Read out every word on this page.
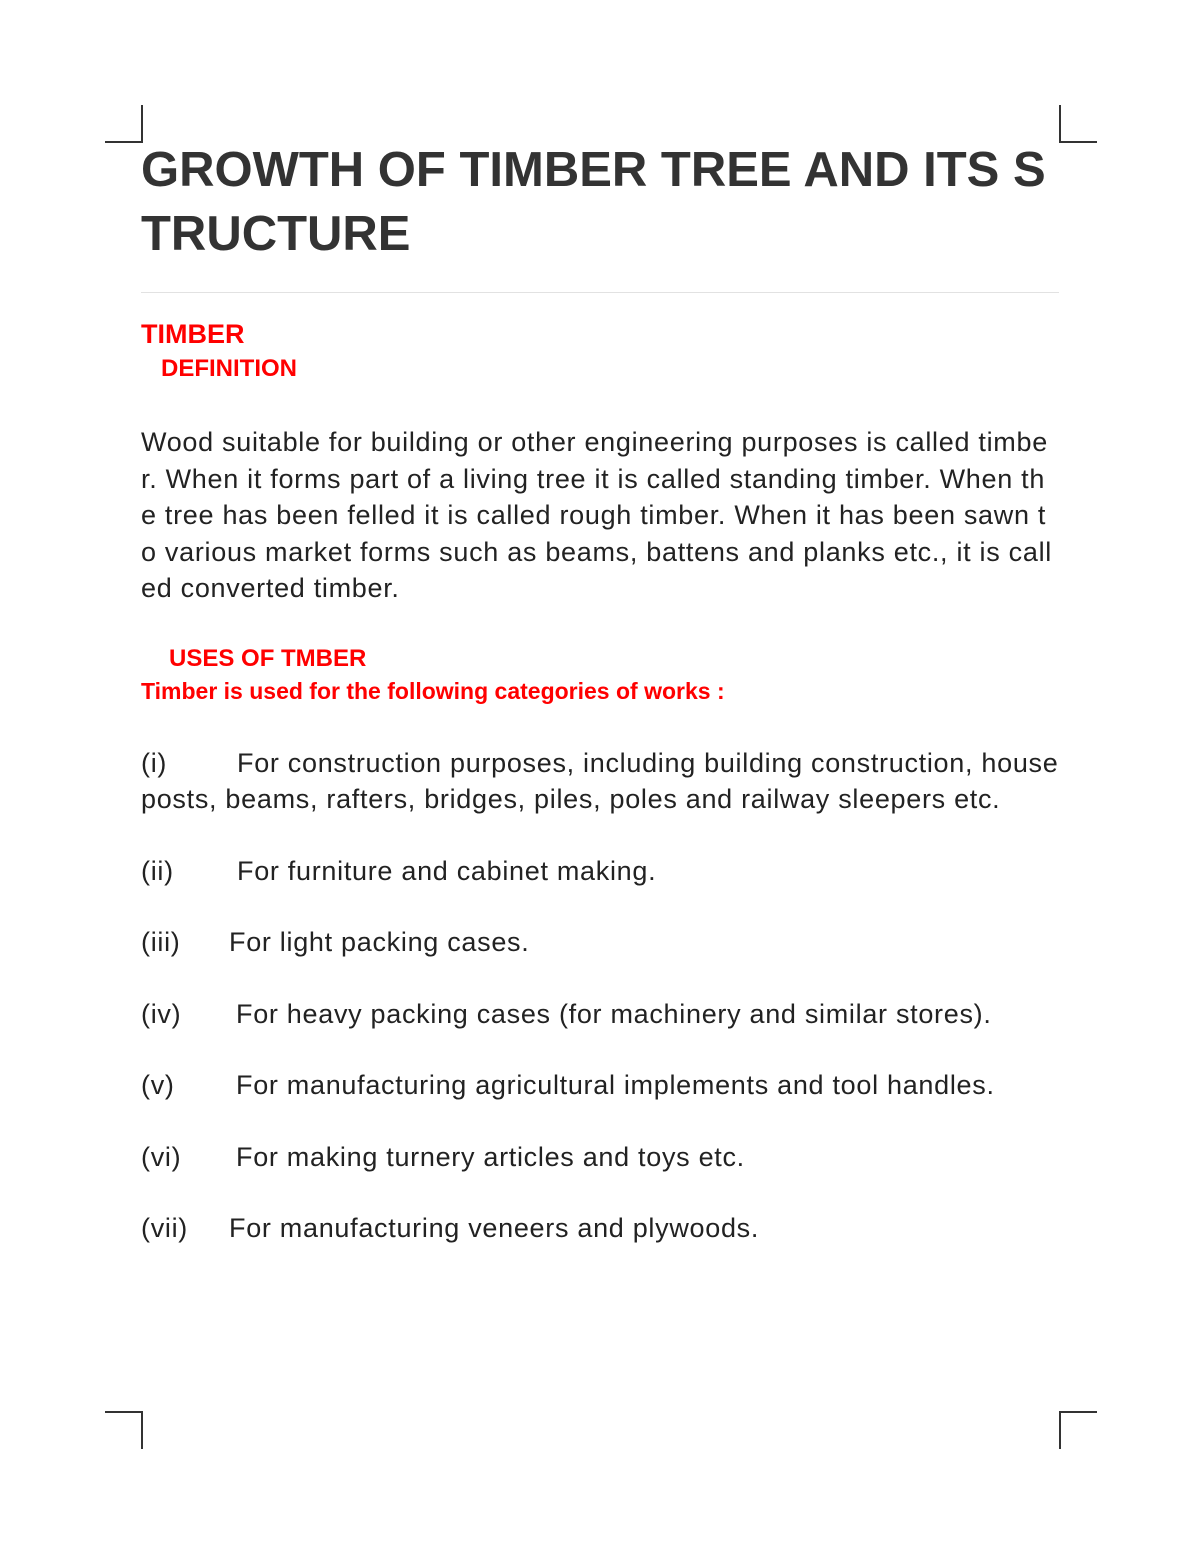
GROWTH OF TIMBER TREE AND ITS STRUCTURE
TIMBER
DEFINITION
Wood suitable for building or other engineering purposes is called timber. When it forms part of a living tree it is called standing timber. When the tree has been felled it is called rough timber. When it has been sawn to various market forms such as beams, battens and planks etc., it is called converted timber.
USES OF TMBER
Timber is used for the following categories of works :
(i)	For construction purposes, including building construction, houseposts, beams, rafters, bridges, piles, poles and railway sleepers etc.
(ii) For furniture and cabinet making.
(iii) For light packing cases.
(iv) For heavy packing cases (for machinery and similar stores).
(v) For manufacturing agricultural implements and tool handles.
(vi) For making turnery articles and toys etc.
(vii) For manufacturing veneers and plywoods.
